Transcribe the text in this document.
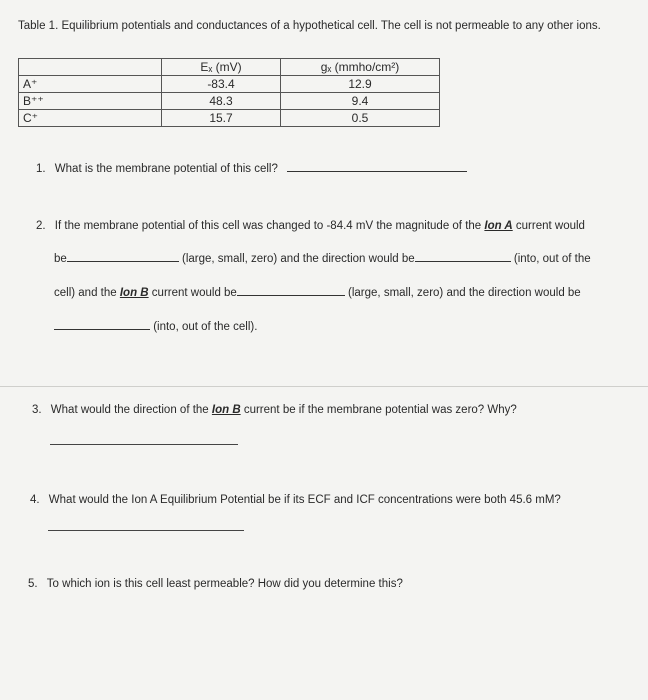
Table 1. Equilibrium potentials and conductances of a hypothetical cell. The cell is not permeable to any other ions.
	Eₓ (mV)	gₓ (mmho/cm²)
A⁺	-83.4	12.9
B⁺⁺	48.3	9.4
C⁺	15.7	0.5
1. What is the membrane potential of this cell?
2. If the membrane potential of this cell was changed to -84.4 mV the magnitude of the Ion A current would
be	(large, small, zero) and the direction would be	(into, out of the
cell) and the Ion B current would be	(large, small, zero) and the direction would be
(into, out of the cell).
3. What would the direction of the Ion B current be if the membrane potential was zero? Why?
4. What would the Ion A Equilibrium Potential be if its ECF and ICF concentrations were both 45.6 mM?
5. To which ion is this cell least permeable? How did you determine this?
